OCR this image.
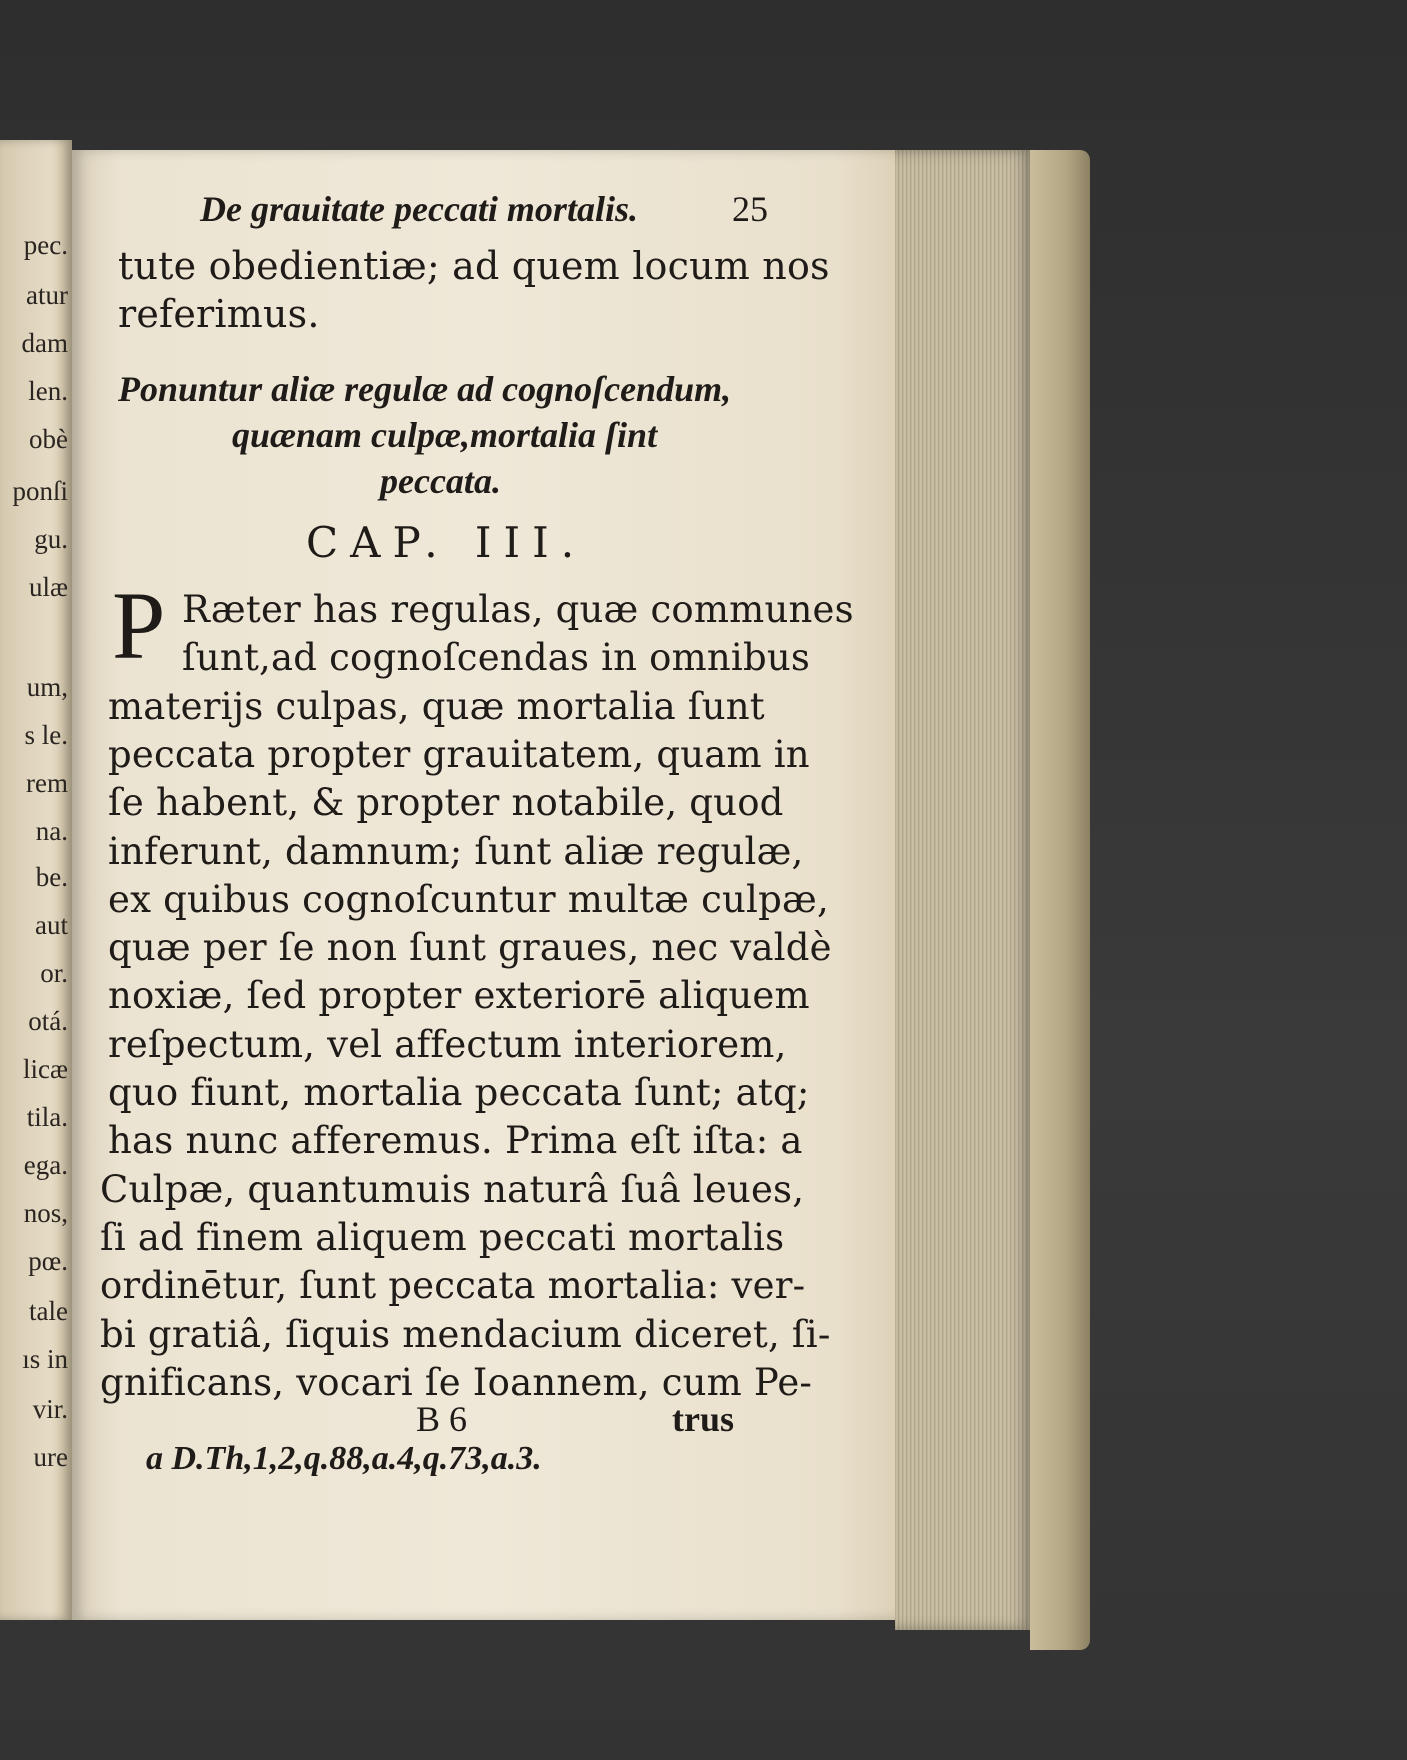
pec.
atur
dam
len.
obè
ponſi
gu.
ulæ
um,
s le.
rem
na.
be.
aut
or.
otá.
licæ
tila.
ega.
nos,
pœ.
tale
ıs in
vir.
ure
De grauitate peccati mortalis.	25
tute obedientiæ; ad quem locum nos
referimus.
Ponuntur aliæ regulæ ad cognoſcendum,
quænam culpæ,mortalia ſint
peccata.
CAP. III.
P Ræter has regulas, quæ communes
ſunt,ad cognoſcendas in omnibus
materijs culpas, quæ mortalia ſunt
peccata propter grauitatem, quam in
ſe habent, & propter notabile, quod
inferunt, damnum; ſunt aliæ regulæ,
ex quibus cognoſcuntur multæ culpæ,
quæ per ſe non ſunt graues, nec valdè
noxiæ, ſed propter exteriorē aliquem
reſpectum, vel affectum interiorem,
quo fiunt, mortalia peccata ſunt; atq;
has nunc afferemus. Prima eſt iſta: a
Culpæ, quantumuis naturâ ſuâ leues,
ſi ad finem aliquem peccati mortalis
ordinētur, ſunt peccata mortalia: ver-
bi gratiâ, ſiquis mendacium diceret, ſi-
gnificans, vocari ſe Ioannem, cum Pe-
B 6	trus
a D.Th,1,2,q.88,a.4,q.73,a.3.
